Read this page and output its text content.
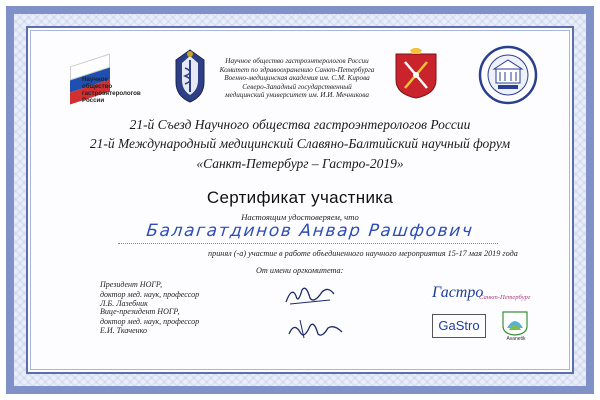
Научное
общество
гастроэнтерологов
России
Научное общество гастроэнтерологов России
Комитет по здравоохранению Санкт-Петербурга
Военно-медицинская академия им. С.М. Кирова
Северо-Западный государственный
медицинский университет им. И.И. Мечникова
21-й Съезд Научного общества гастроэнтерологов России
21-й Международный медицинский Славяно-Балтийский научный форум
«Санкт-Петербург – Гастро-2019»
Сертификат участника
Настоящим удостоверяем, что
Балагатдинов Анвар Рашфович
принял (-а) участие в работе объединенного научного мероприятия 15-17 мая 2019 года
От имени оргкомитета:
Президент НОГР,
доктор мед. наук, профессор
Л.Б. Лазебник
Вице-президент НОГР,
доктор мед. наук, профессор
Е.И. Ткаченко
Гастро
Санкт-Петербург
GaStro
Avanetik
